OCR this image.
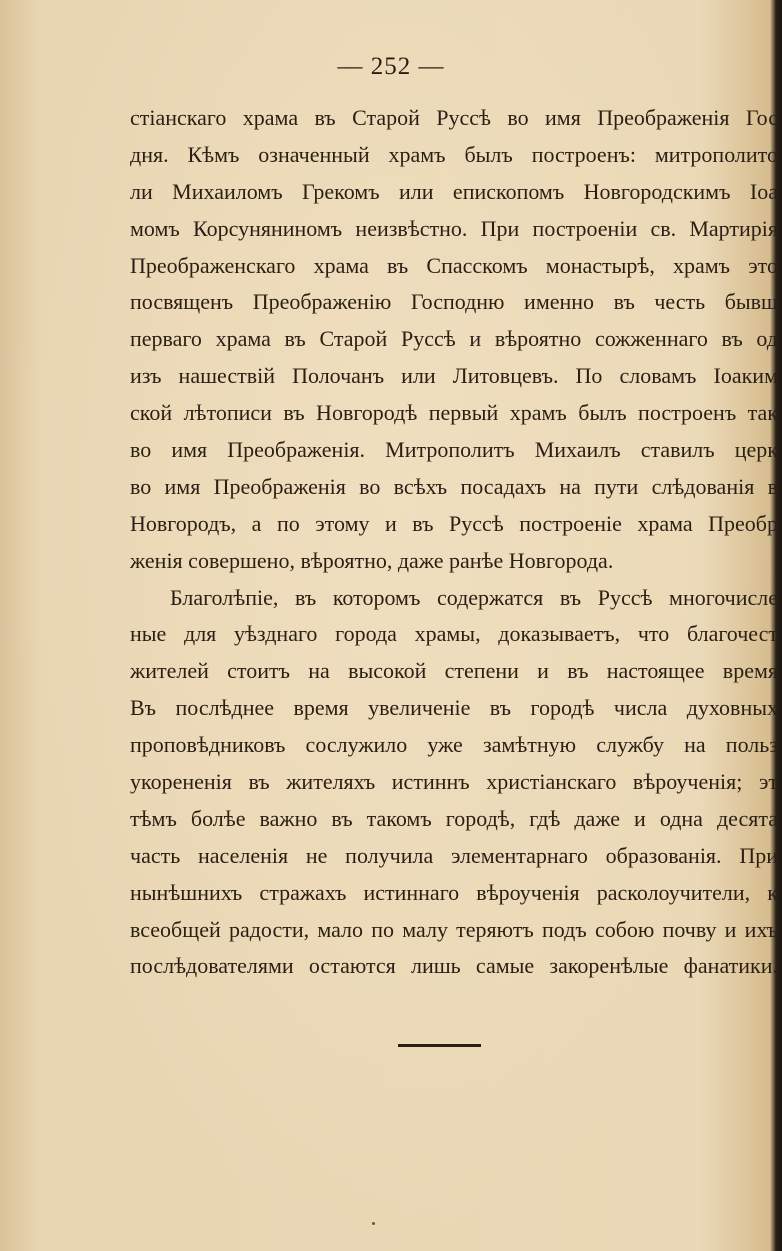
— 252 —
стіанскаго храма въ Старой Руссѣ во имя Преображенія Гос
дня. Кѣмъ означенный храмъ былъ построенъ: митрополито
ли Михаиломъ Грекомъ или епископомъ Новгородскимъ Іоа
момъ Корсуняниномъ неизвѣстно. При построеніи св. Мартирія
Преображенскаго храма въ Спасскомъ монастырѣ, храмъ это
посвященъ Преображенію Господню именно въ честь бывш
перваго храма въ Старой Руссѣ и вѣроятно сожженнаго въ од
изъ нашествій Полочанъ или Литовцевъ. По словамъ Іоаким
ской лѣтописи въ Новгородѣ первый храмъ былъ построенъ так
во имя Преображенія. Митрополитъ Михаилъ ставилъ церк
во имя Преображенія во всѣхъ посадахъ на пути слѣдованія в
Новгородъ, а по этому и въ Руссѣ построеніе храма Преобр
женія совершено, вѣроятно, даже ранѣе Новгорода.
Благолѣпіе, въ которомъ содержатся въ Руссѣ многочисле
ные для уѣзднаго города храмы, доказываетъ, что благочест
жителей стоитъ на высокой степени и въ настоящее время
Въ послѣднее время увеличеніе въ городѣ числа духовных
проповѣдниковъ сослужило уже замѣтную службу на польз
укорененія въ жителяхъ истиннъ христіанскаго вѣроученія; эт
тѣмъ болѣе важно въ такомъ городѣ, гдѣ даже и одна десята
часть населенія не получила элементарнаго образованія. При
нынѣшнихъ стражахъ истиннаго вѣроученія расколоучители, к
всеобщей радости, мало по малу теряютъ подъ собою почву и ихъ
послѣдователями остаются лишь самые закоренѣлые фанатики.
